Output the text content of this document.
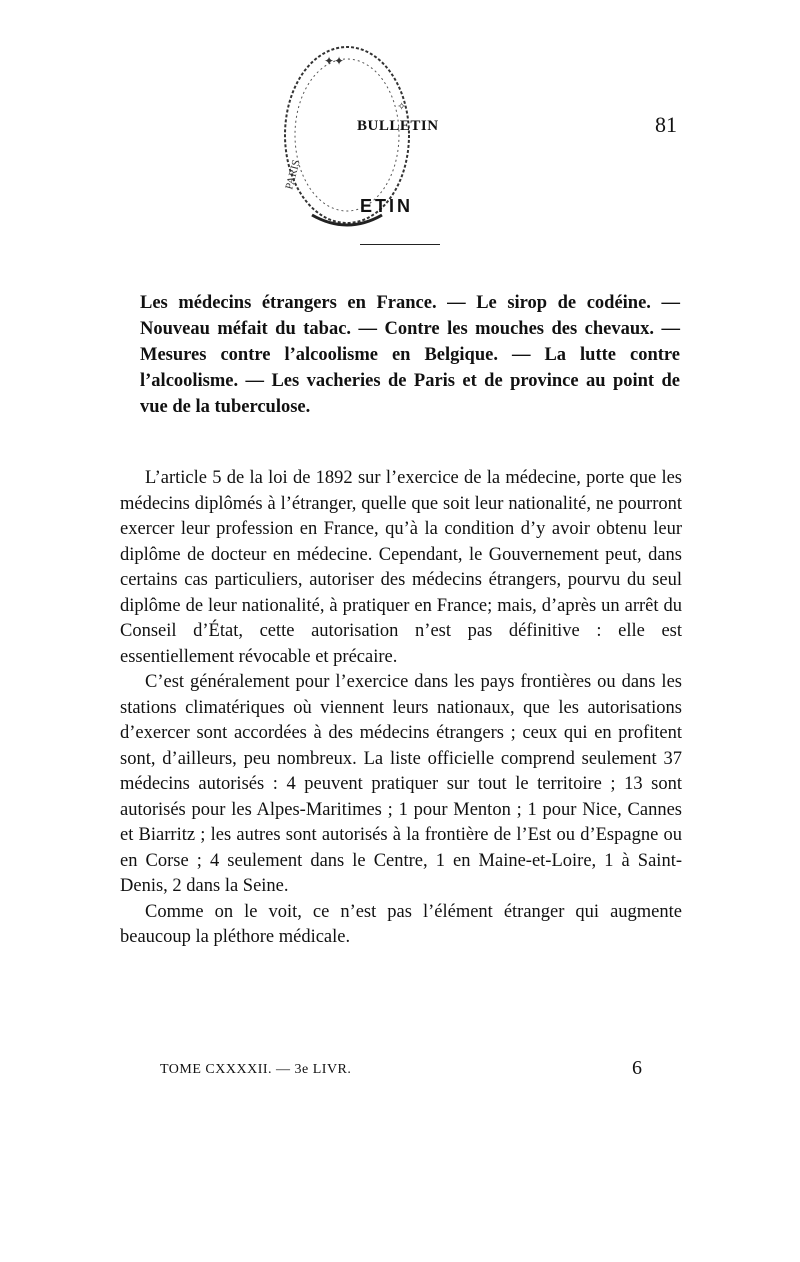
✦✦
PARIS
✧
BULLETIN
ETIN
81
Les médecins étrangers en France. — Le sirop de codéine. — Nouveau méfait du tabac. — Contre les mouches des chevaux. — Mesures contre l’alcoolisme en Belgique. — La lutte contre l’alcoolisme. — Les vacheries de Paris et de province au point de vue de la tuberculose.

L’article 5 de la loi de 1892 sur l’exercice de la médecine, porte que les médecins diplômés à l’étranger, quelle que soit leur nationalité, ne pourront exercer leur profession en France, qu’à la condition d’y avoir obtenu leur diplôme de docteur en médecine. Cependant, le Gouvernement peut, dans certains cas particuliers, autoriser des médecins étrangers, pourvu du seul diplôme de leur nationalité, à pratiquer en France; mais, d’après un arrêt du Conseil d’État, cette autorisation n’est pas définitive : elle est essentiellement révocable et précaire.

C’est généralement pour l’exercice dans les pays frontières ou dans les stations climatériques où viennent leurs nationaux, que les autorisations d’exercer sont accordées à des médecins étrangers ; ceux qui en profitent sont, d’ailleurs, peu nombreux. La liste officielle comprend seulement 37 médecins autorisés : 4 peuvent pratiquer sur tout le territoire ; 13 sont autorisés pour les Alpes-Maritimes ; 1 pour Menton ; 1 pour Nice, Cannes et Biarritz ; les autres sont autorisés à la frontière de l’Est ou d’Espagne ou en Corse ; 4 seulement dans le Centre, 1 en Maine-et-Loire, 1 à Saint-Denis, 2 dans la Seine.

Comme on le voit, ce n’est pas l’élément étranger qui augmente beaucoup la pléthore médicale.

TOME CXXXXII. — 3e LIVR.	6
